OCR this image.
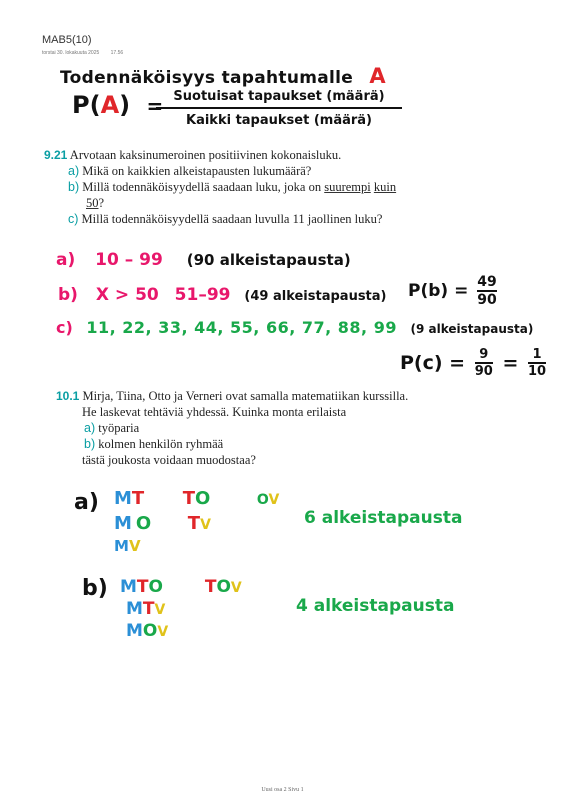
MAB5(10)
torstai 30. lokakuuta 2025 17.56
Todennäköisyys tapahtumalle A
P(A) = Suotuisat tapaukset (määrä)
Kaikki tapaukset (määrä)
9.21 Arvotaan kaksinumeroinen positiivinen kokonaisluku.
a) Mikä on kaikkien alkeistapausten lukumäärä?
b) Millä todennäköisyydellä saadaan luku, joka on suurempi kuin
50?
c) Millä todennäköisyydellä saadaan luvulla 11 jaollinen luku?
a) 10 – 99 (90 alkeistapausta)
b) X > 50 51–99 (49 alkeistapausta) $P(b) = \frac{49}{90}$
c) 11, 22, 33, 44, 55, 66, 77, 88, 99 (9 alkeistapausta)
$P(c) = \frac{9}{90} = \frac{1}{10}$
10.1 Mirja, Tiina, Otto ja Verneri ovat samalla matematiikan kurssilla.
He laskevat tehtäviä yhdessä. Kuinka monta erilaista
a) työparia
b) kolmen henkilön ryhmää
tästä joukosta voidaan muodostaa?
a) MT TO	OV
M O TV
MV
6 alkeistapausta
b) MTO TOV
MTV
MOV
4 alkeistapausta
Uusi osa 2 Sivu 1
